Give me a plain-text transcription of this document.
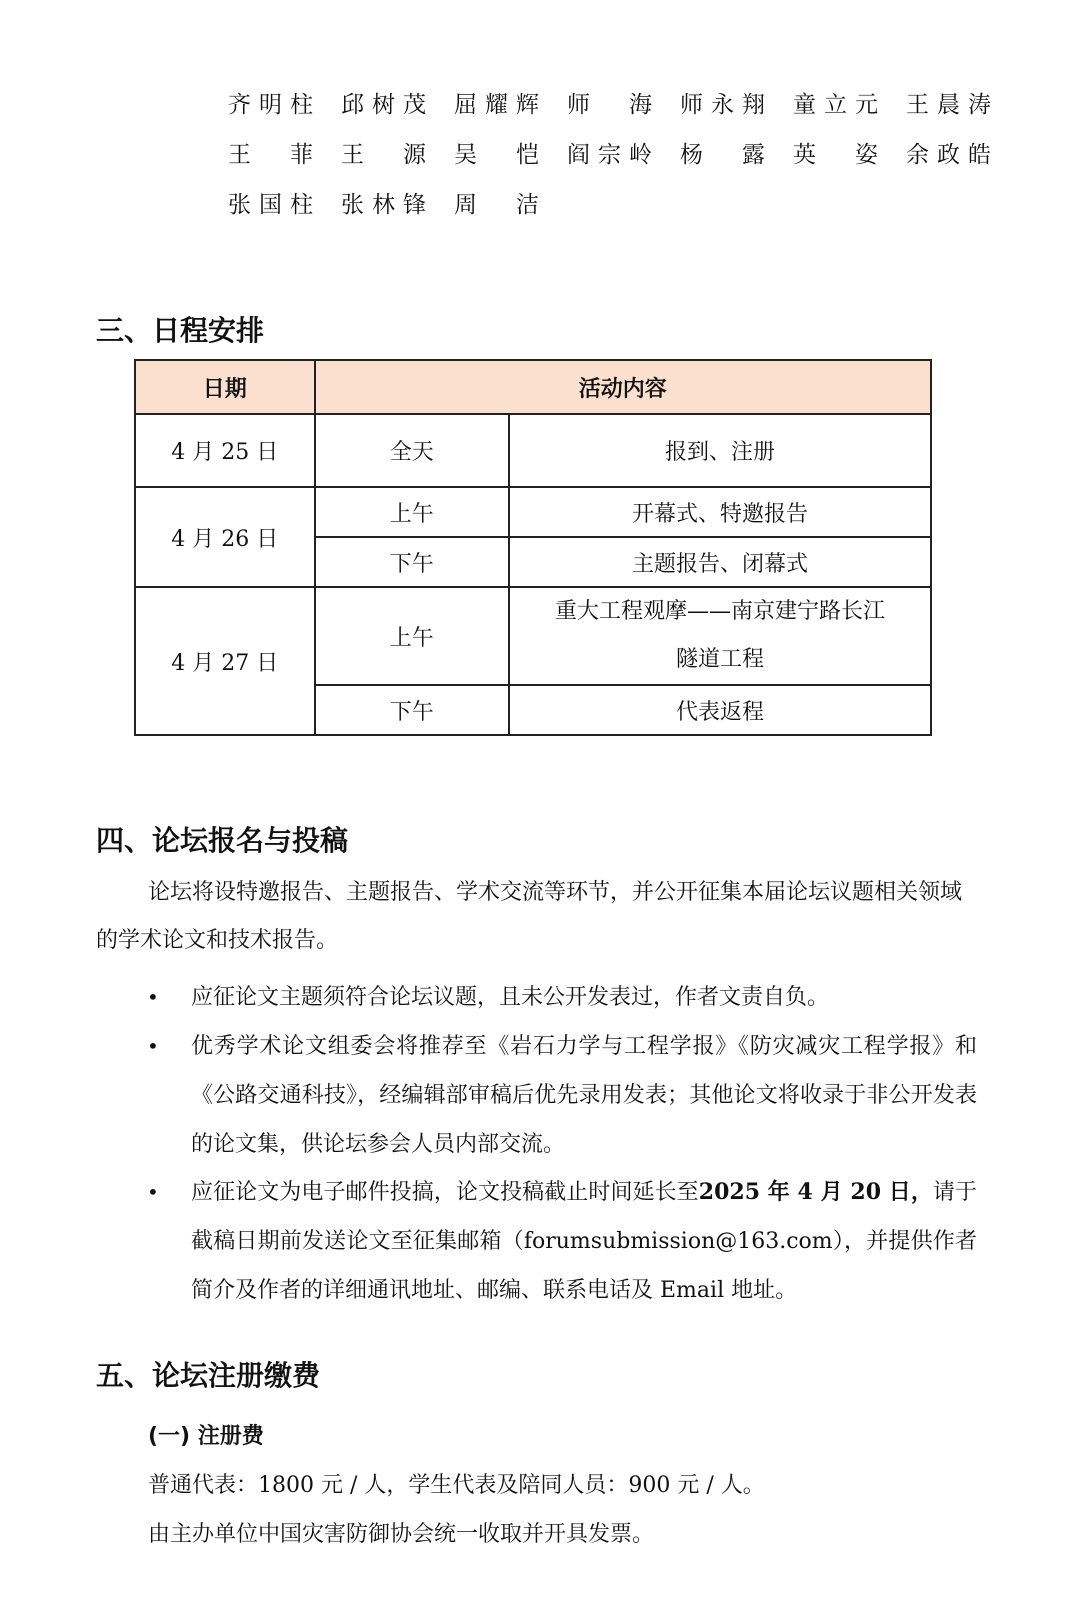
齐明柱 邱树茂 屈耀辉 师　海 师永翔 童立元 王晨涛
王　菲 王　源 吴　恺 阎宗岭 杨　露 英　姿 余政皓
张国柱 张林锋 周　洁
三、日程安排
日期	活动内容	
4 月 25 日	全天	报到、注册
4 月 26 日	上午	开幕式、特邀报告
	下午	主题报告、闭幕式
4 月 27 日	上午	重大工程观摩——南京建宁路长江隧道工程
	下午	代表返程
四、论坛报名与投稿
论坛将设特邀报告、主题报告、学术交流等环节，并公开征集本届论坛议题相关领域的学术论文和技术报告。
• 应征论文主题须符合论坛议题，且未公开发表过，作者文责自负。
• 优秀学术论文组委会将推荐至《岩石力学与工程学报》《防灾减灾工程学报》和《公路交通科技》，经编辑部审稿后优先录用发表；其他论文将收录于非公开发表的论文集，供论坛参会人员内部交流。
• 应征论文为电子邮件投搞，论文投稿截止时间延长至2025 年 4 月 20 日，请于截稿日期前发送论文至征集邮箱（forumsubmission@163.com），并提供作者简介及作者的详细通讯地址、邮编、联系电话及 Email 地址。
五、论坛注册缴费
(一) 注册费
普通代表：1800 元 / 人，学生代表及陪同人员：900 元 / 人。
由主办单位中国灾害防御协会统一收取并开具发票。
